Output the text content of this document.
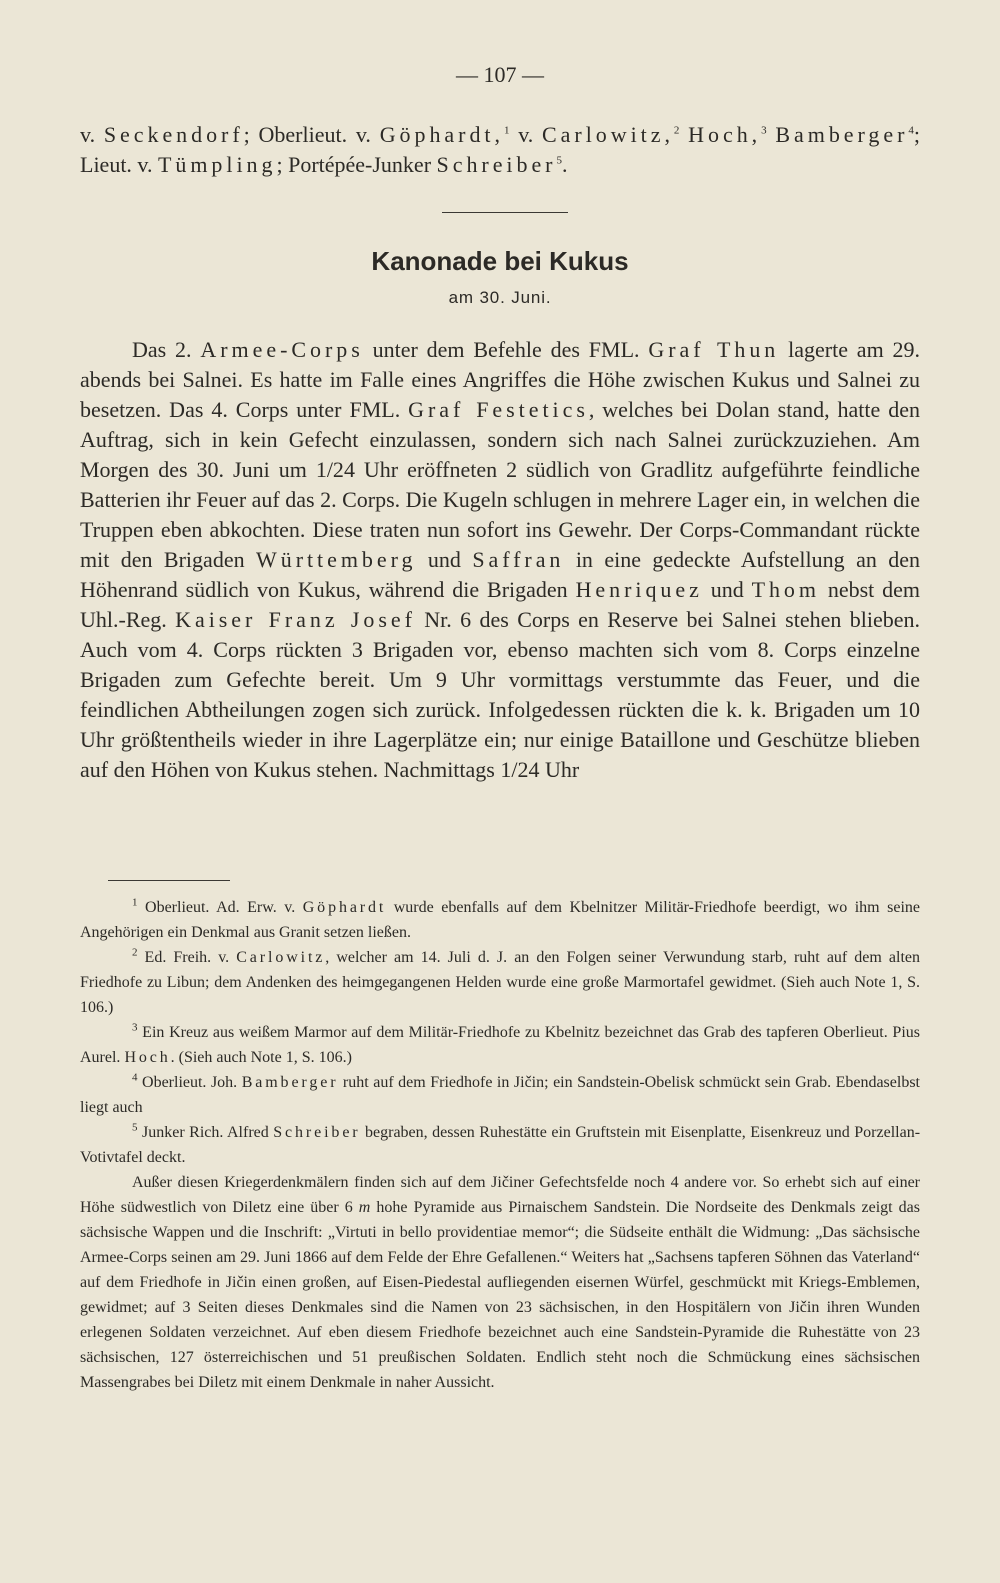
— 107 —

v. Seckendorf; Oberlieut. v. Göphardt,$^1$ v. Carlowitz,$^2$ Hoch,$^3$ Bamberger$^4$; Lieut. v. Tümpling; Portépée-Junker Schreiber$^5$.

Kanonade bei Kukus
am 30. Juni.

Das 2. Armee-Corps unter dem Befehle des FML. Graf Thun lagerte am 29. abends bei Salnei. Es hatte im Falle eines Angriffes die Höhe zwischen Kukus und Salnei zu besetzen. Das 4. Corps unter FML. Graf Festetics, welches bei Dolan stand, hatte den Auftrag, sich in kein Gefecht einzulassen, sondern sich nach Salnei zurückzuziehen. Am Morgen des 30. Juni um 1/24 Uhr eröffneten 2 südlich von Gradlitz aufgeführte feindliche Batterien ihr Feuer auf das 2. Corps. Die Kugeln schlugen in mehrere Lager ein, in welchen die Truppen eben abkochten. Diese traten nun sofort ins Gewehr. Der Corps-Commandant rückte mit den Brigaden Württemberg und Saffran in eine gedeckte Aufstellung an den Höhenrand südlich von Kukus, während die Brigaden Henriquez und Thom nebst dem Uhl.-Reg. Kaiser Franz Josef Nr. 6 des Corps en Reserve bei Salnei stehen blieben. Auch vom 4. Corps rückten 3 Brigaden vor, ebenso machten sich vom 8. Corps einzelne Brigaden zum Gefechte bereit. Um 9 Uhr vormittags verstummte das Feuer, und die feindlichen Abtheilungen zogen sich zurück. Infolgedessen rückten die k. k. Brigaden um 10 Uhr größtentheils wieder in ihre Lagerplätze ein; nur einige Bataillone und Geschütze blieben auf den Höhen von Kukus stehen. Nachmittags 1/24 Uhr

$^1$ Oberlieut. Ad. Erw. v. Göphardt wurde ebenfalls auf dem Kbelnitzer Militär-Friedhofe beerdigt, wo ihm seine Angehörigen ein Denkmal aus Granit setzen ließen.

$^2$ Ed. Freih. v. Carlowitz, welcher am 14. Juli d. J. an den Folgen seiner Verwundung starb, ruht auf dem alten Friedhofe zu Libun; dem Andenken des heimgegangenen Helden wurde eine große Marmortafel gewidmet. (Sieh auch Note 1, S. 106.)

$^3$ Ein Kreuz aus weißem Marmor auf dem Militär-Friedhofe zu Kbelnitz bezeichnet das Grab des tapferen Oberlieut. Pius Aurel. Hoch. (Sieh auch Note 1, S. 106.)

$^4$ Oberlieut. Joh. Bamberger ruht auf dem Friedhofe in Jičin; ein Sandstein-Obelisk schmückt sein Grab. Ebendaselbst liegt auch

$^5$ Junker Rich. Alfred Schreiber begraben, dessen Ruhestätte ein Gruftstein mit Eisenplatte, Eisenkreuz und Porzellan-Votivtafel deckt.

Außer diesen Kriegerdenkmälern finden sich auf dem Jičiner Gefechtsfelde noch 4 andere vor. So erhebt sich auf einer Höhe südwestlich von Diletz eine über 6 m hohe Pyramide aus Pirnaischem Sandstein. Die Nordseite des Denkmals zeigt das sächsische Wappen und die Inschrift: „Virtuti in bello providentiae memor“; die Südseite enthält die Widmung: „Das sächsische Armee-Corps seinen am 29. Juni 1866 auf dem Felde der Ehre Gefallenen.“ Weiters hat „Sachsens tapferen Söhnen das Vaterland“ auf dem Friedhofe in Jičin einen großen, auf Eisen-Piedestal aufliegenden eisernen Würfel, geschmückt mit Kriegs-Emblemen, gewidmet; auf 3 Seiten dieses Denkmales sind die Namen von 23 sächsischen, in den Hospitälern von Jičin ihren Wunden erlegenen Soldaten verzeichnet. Auf eben diesem Friedhofe bezeichnet auch eine Sandstein-Pyramide die Ruhestätte von 23 sächsischen, 127 österreichischen und 51 preußischen Soldaten. Endlich steht noch die Schmückung eines sächsischen Massengrabes bei Diletz mit einem Denkmale in naher Aussicht.
